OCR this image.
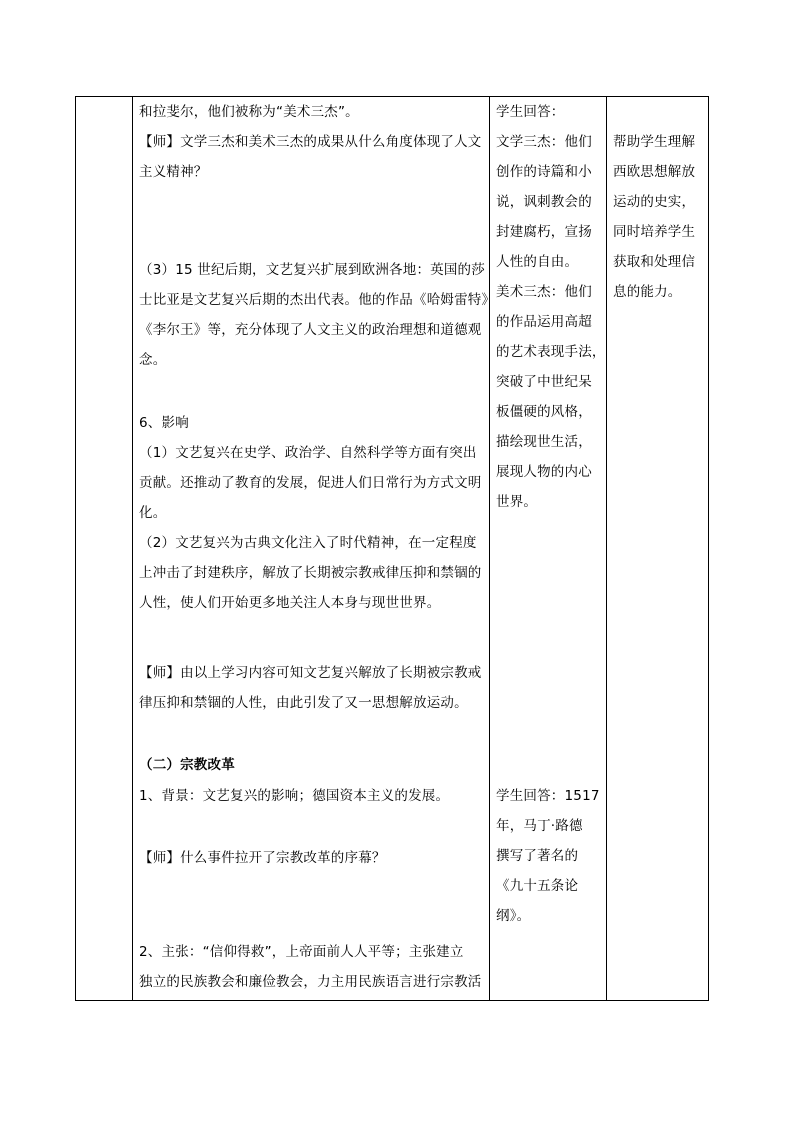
和拉斐尔，他们被称为“美术三杰”。
【师】文学三杰和美术三杰的成果从什么角度体现了人文
主义精神？
（3）15 世纪后期，文艺复兴扩展到欧洲各地：英国的莎
士比亚是文艺复兴后期的杰出代表。他的作品《哈姆雷特》
《李尔王》等，充分体现了人文主义的政治理想和道德观
念。
6、影响
（1）文艺复兴在史学、政治学、自然科学等方面有突出
贡献。还推动了教育的发展，促进人们日常行为方式文明
化。
（2）文艺复兴为古典文化注入了时代精神，在一定程度
上冲击了封建秩序，解放了长期被宗教戒律压抑和禁锢的
人性，使人们开始更多地关注人本身与现世世界。
【师】由以上学习内容可知文艺复兴解放了长期被宗教戒
律压抑和禁锢的人性，由此引发了又一思想解放运动。
（二）宗教改革
1、背景：文艺复兴的影响；德国资本主义的发展。
【师】什么事件拉开了宗教改革的序幕？
2、主张：“信仰得救”，上帝面前人人平等；主张建立
独立的民族教会和廉俭教会，力主用民族语言进行宗教活
学生回答：
文学三杰：他们
创作的诗篇和小
说，讽刺教会的
封建腐朽，宣扬
人性的自由。
美术三杰：他们
的作品运用高超
的艺术表现手法，
突破了中世纪呆
板僵硬的风格，
描绘现世生活，
展现人物的内心
世界。
学生回答：1517
年，马丁·路德
撰写了著名的
《九十五条论
纲》。
帮助学生理解
西欧思想解放
运动的史实，
同时培养学生
获取和处理信
息的能力。
